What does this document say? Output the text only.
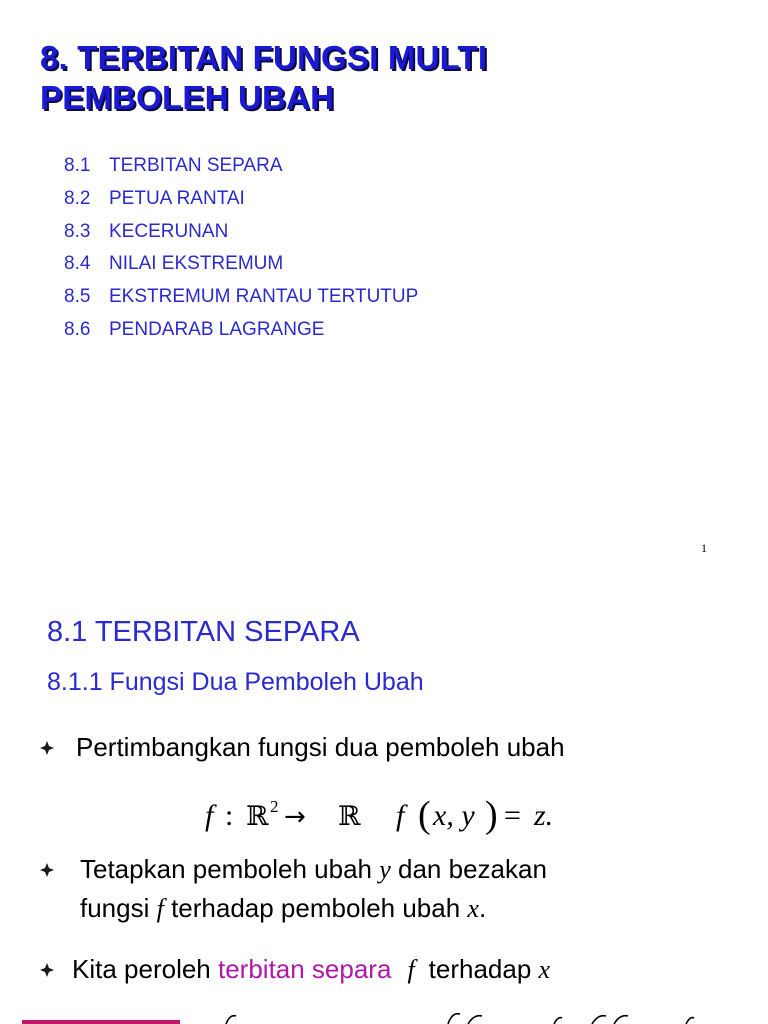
8. TERBITAN FUNGSI MULTI
PEMBOLEH UBAH
8.1 TERBITAN SEPARA
8.2 PETUA RANTAI
8.3 KECERUNAN
8.4 NILAI EKSTREMUM
8.5 EKSTREMUM RANTAU TERTUTUP
8.6 PENDARAB LAGRANGE
1
8.1 TERBITAN SEPARA
8.1.1 Fungsi Dua Pemboleh Ubah
Pertimbangkan fungsi dua pemboleh ubah
f : ℝ 2 → ℝ f ( x, y ) = z.
Tetapkan pemboleh ubah y dan bezakan
fungsi f terhadap pemboleh ubah x.
Kita peroleh terbitan separa f terhadap x
